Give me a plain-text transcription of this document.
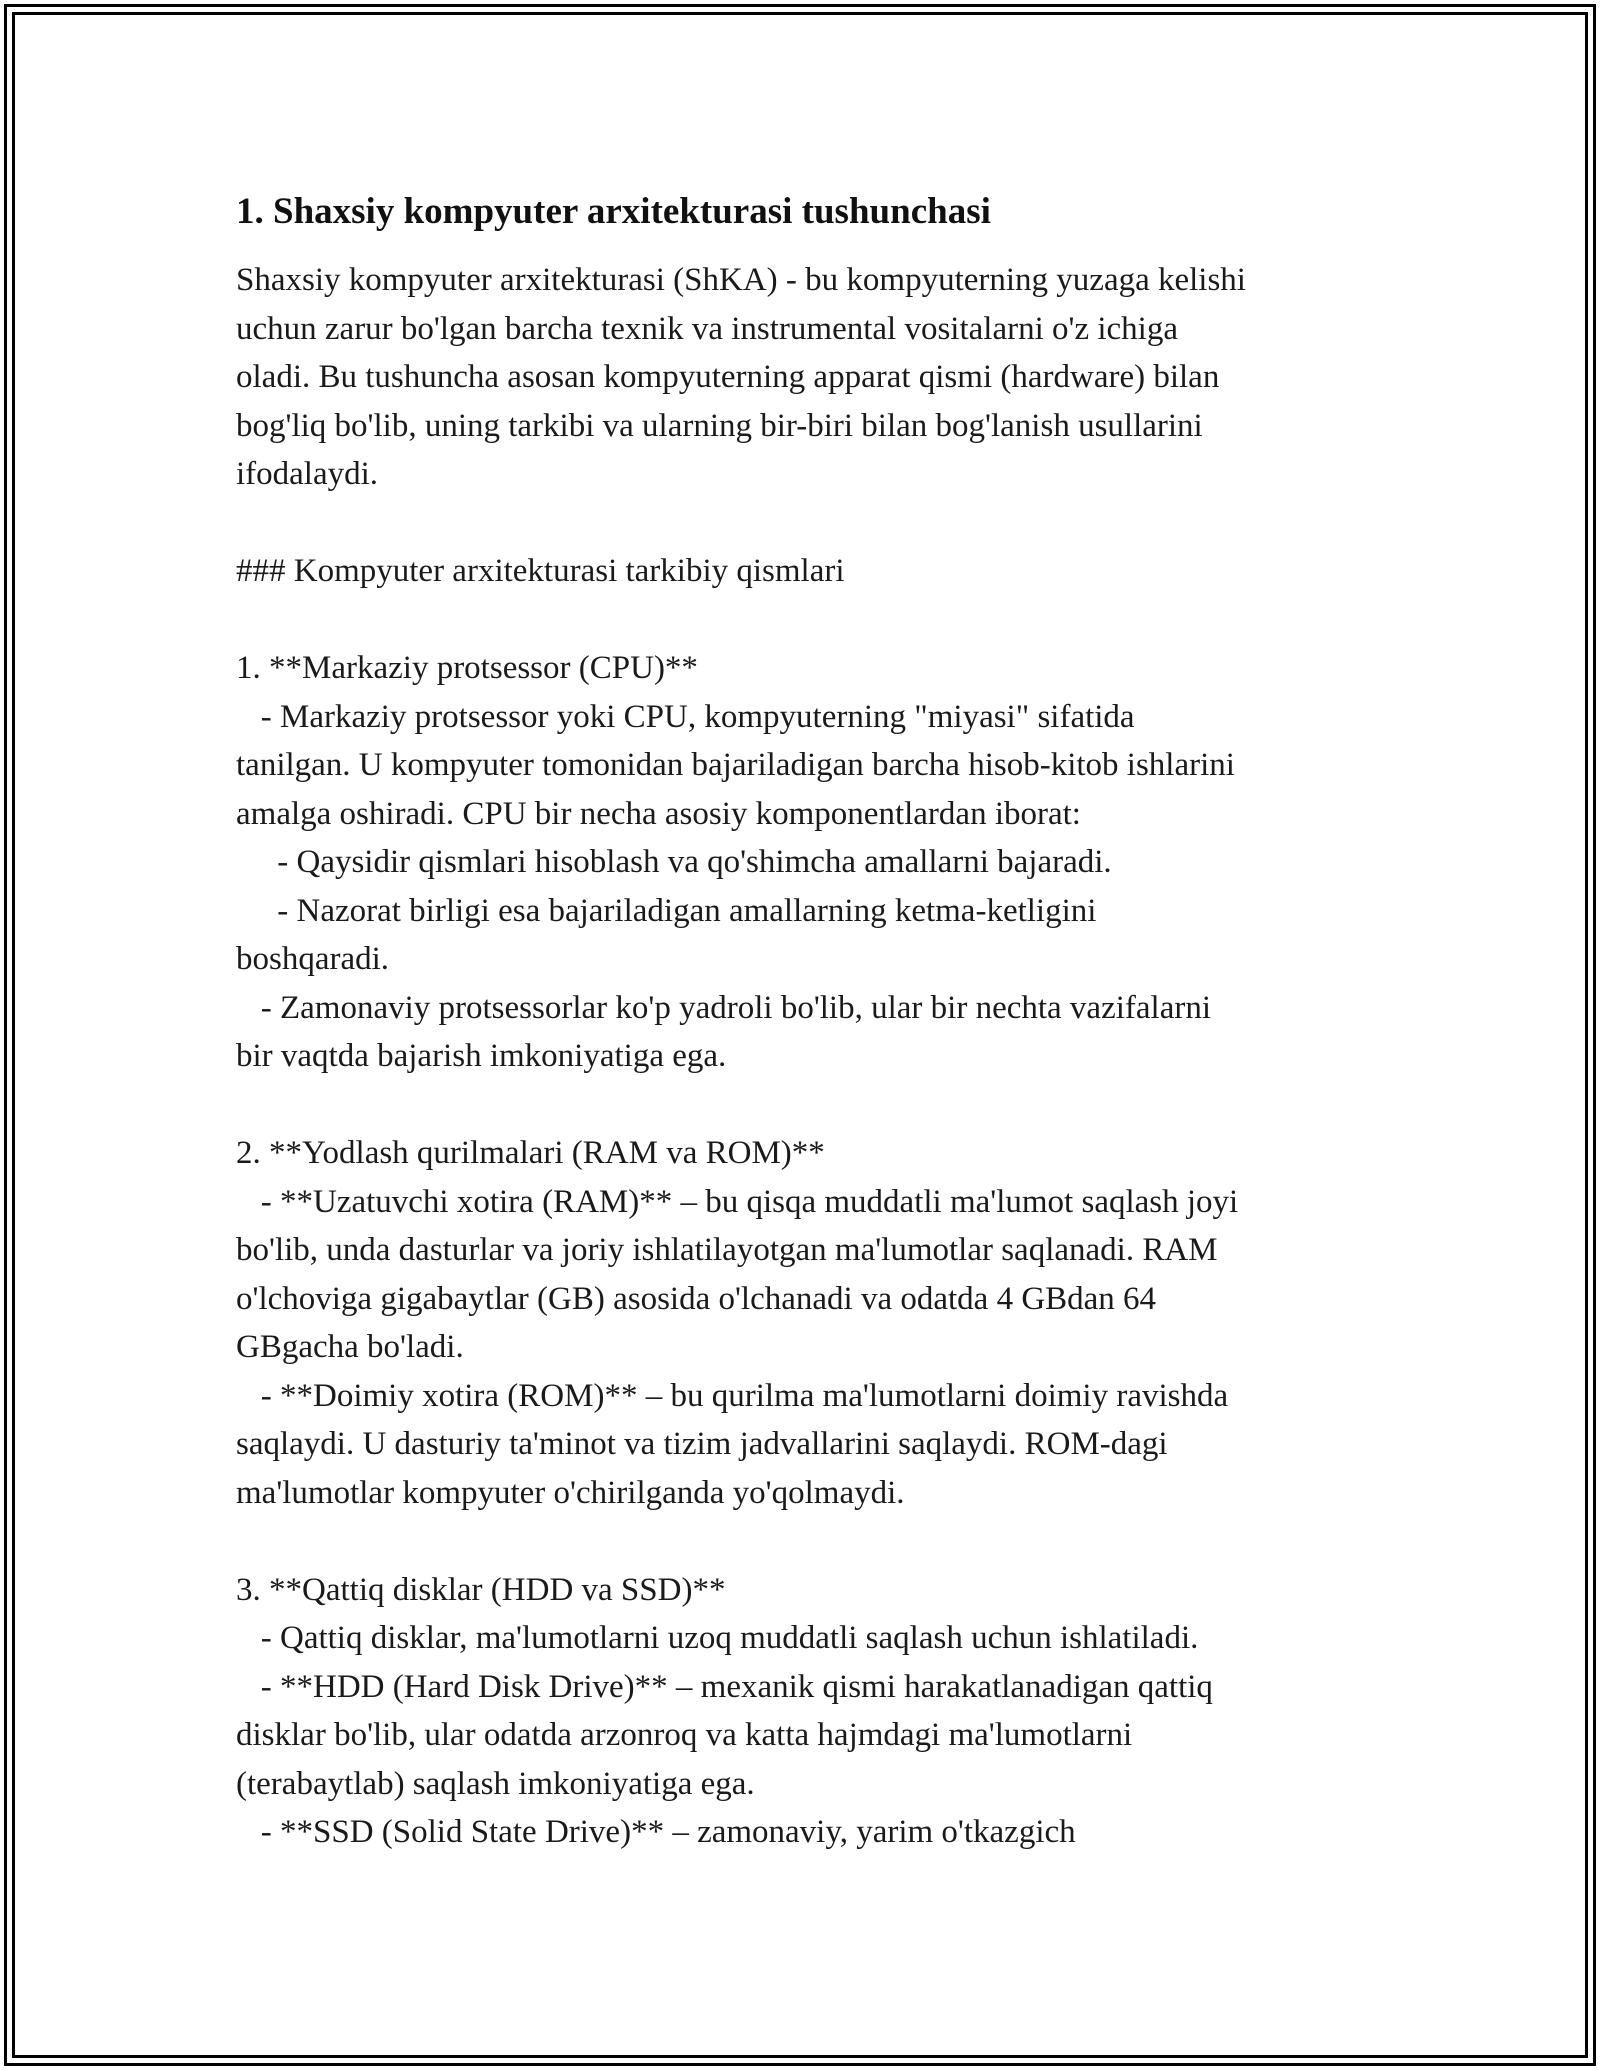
1. Shaxsiy kompyuter arxitekturasi tushunchasi

Shaxsiy kompyuter arxitekturasi (ShKA) - bu kompyuterning yuzaga kelishi

uchun zarur bo'lgan barcha texnik va instrumental vositalarni o'z ichiga

oladi. Bu tushuncha asosan kompyuterning apparat qismi (hardware) bilan

bog'liq bo'lib, uning tarkibi va ularning bir-biri bilan bog'lanish usullarini

ifodalaydi.

### Kompyuter arxitekturasi tarkibiy qismlari

1. **Markaziy protsessor (CPU)**

- Markaziy protsessor yoki CPU, kompyuterning "miyasi" sifatida

tanilgan. U kompyuter tomonidan bajariladigan barcha hisob-kitob ishlarini

amalga oshiradi. CPU bir necha asosiy komponentlardan iborat:

- Qaysidir qismlari hisoblash va qo'shimcha amallarni bajaradi.

- Nazorat birligi esa bajariladigan amallarning ketma-ketligini

boshqaradi.

- Zamonaviy protsessorlar ko'p yadroli bo'lib, ular bir nechta vazifalarni

bir vaqtda bajarish imkoniyatiga ega.

2. **Yodlash qurilmalari (RAM va ROM)**

- **Uzatuvchi xotira (RAM)** – bu qisqa muddatli ma'lumot saqlash joyi

bo'lib, unda dasturlar va joriy ishlatilayotgan ma'lumotlar saqlanadi. RAM

o'lchoviga gigabaytlar (GB) asosida o'lchanadi va odatda 4 GBdan 64

GBgacha bo'ladi.

- **Doimiy xotira (ROM)** – bu qurilma ma'lumotlarni doimiy ravishda

saqlaydi. U dasturiy ta'minot va tizim jadvallarini saqlaydi. ROM-dagi

ma'lumotlar kompyuter o'chirilganda yo'qolmaydi.

3. **Qattiq disklar (HDD va SSD)**

- Qattiq disklar, ma'lumotlarni uzoq muddatli saqlash uchun ishlatiladi.

- **HDD (Hard Disk Drive)** – mexanik qismi harakatlanadigan qattiq

disklar bo'lib, ular odatda arzonroq va katta hajmdagi ma'lumotlarni

(terabaytlab) saqlash imkoniyatiga ega.

- **SSD (Solid State Drive)** – zamonaviy, yarim o'tkazgich
